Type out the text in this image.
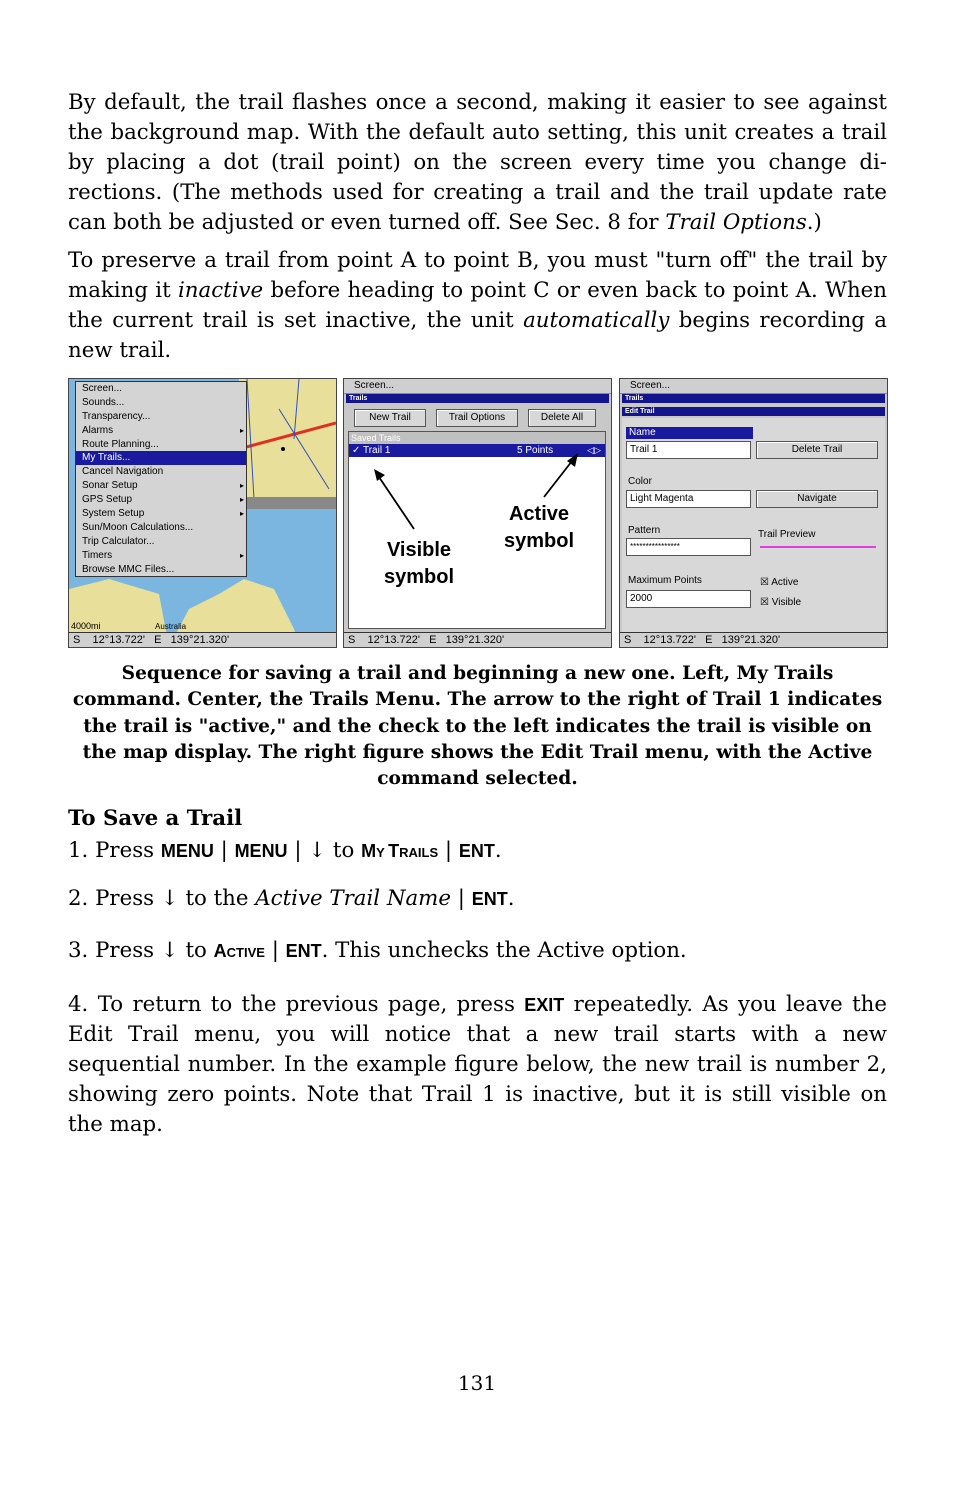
By default, the trail flashes once a second, making it easier to see against the background map. With the default auto setting, this unit creates a trail by placing a dot (trail point) on the screen every time you change directions. (The methods used for creating a trail and the trail update rate can both be adjusted or even turned off. See Sec. 8 for Trail Options.)

To preserve a trail from point A to point B, you must "turn off" the trail by making it inactive before heading to point C or even back to point A. When the current trail is set inactive, the unit automatically begins recording a new trail.

Screen...
Sounds...
Transparency...
Alarms	▸
Route Planning...
My Trails...
Cancel Navigation
Sonar Setup	▸
GPS Setup	▸
System Setup	▸
Sun/Moon Calculations...
Trip Calculator...
Timers	▸
Browse MMC Files...
4000mi	Australia
S    12°13.722'   E   139°21.320'
Screen...
Trails
New Trail	Trail Options	Delete All
Saved Trails
✓ Trail 1	5 Points	◁▷
Visible symbol
Active symbol
S    12°13.722'   E   139°21.320'
Screen...
Trails
Edit Trail
Name
Trail 1	Delete Trail
Color
Light Magenta	Navigate
Pattern
****************
Trail Preview
Maximum Points
2000
☒ Active
☒ Visible
S    12°13.722'   E   139°21.320'
Sequence for saving a trail and beginning a new one. Left, My Trails command. Center, the Trails Menu. The arrow to the right of Trail 1 indicates the trail is "active," and the check to the left indicates the trail is visible on the map display. The right figure shows the Edit Trail menu, with the Active command selected.
To Save a Trail

1. Press MENU | MENU | ↓ to MY TRAILS | ENT.

2. Press ↓ to the Active Trail Name | ENT.

3. Press ↓ to ACTIVE | ENT. This unchecks the Active option.

4. To return to the previous page, press EXIT repeatedly. As you leave the Edit Trail menu, you will notice that a new trail starts with a new sequential number. In the example figure below, the new trail is number 2, showing zero points. Note that Trail 1 is inactive, but it is still visible on the map.

131
